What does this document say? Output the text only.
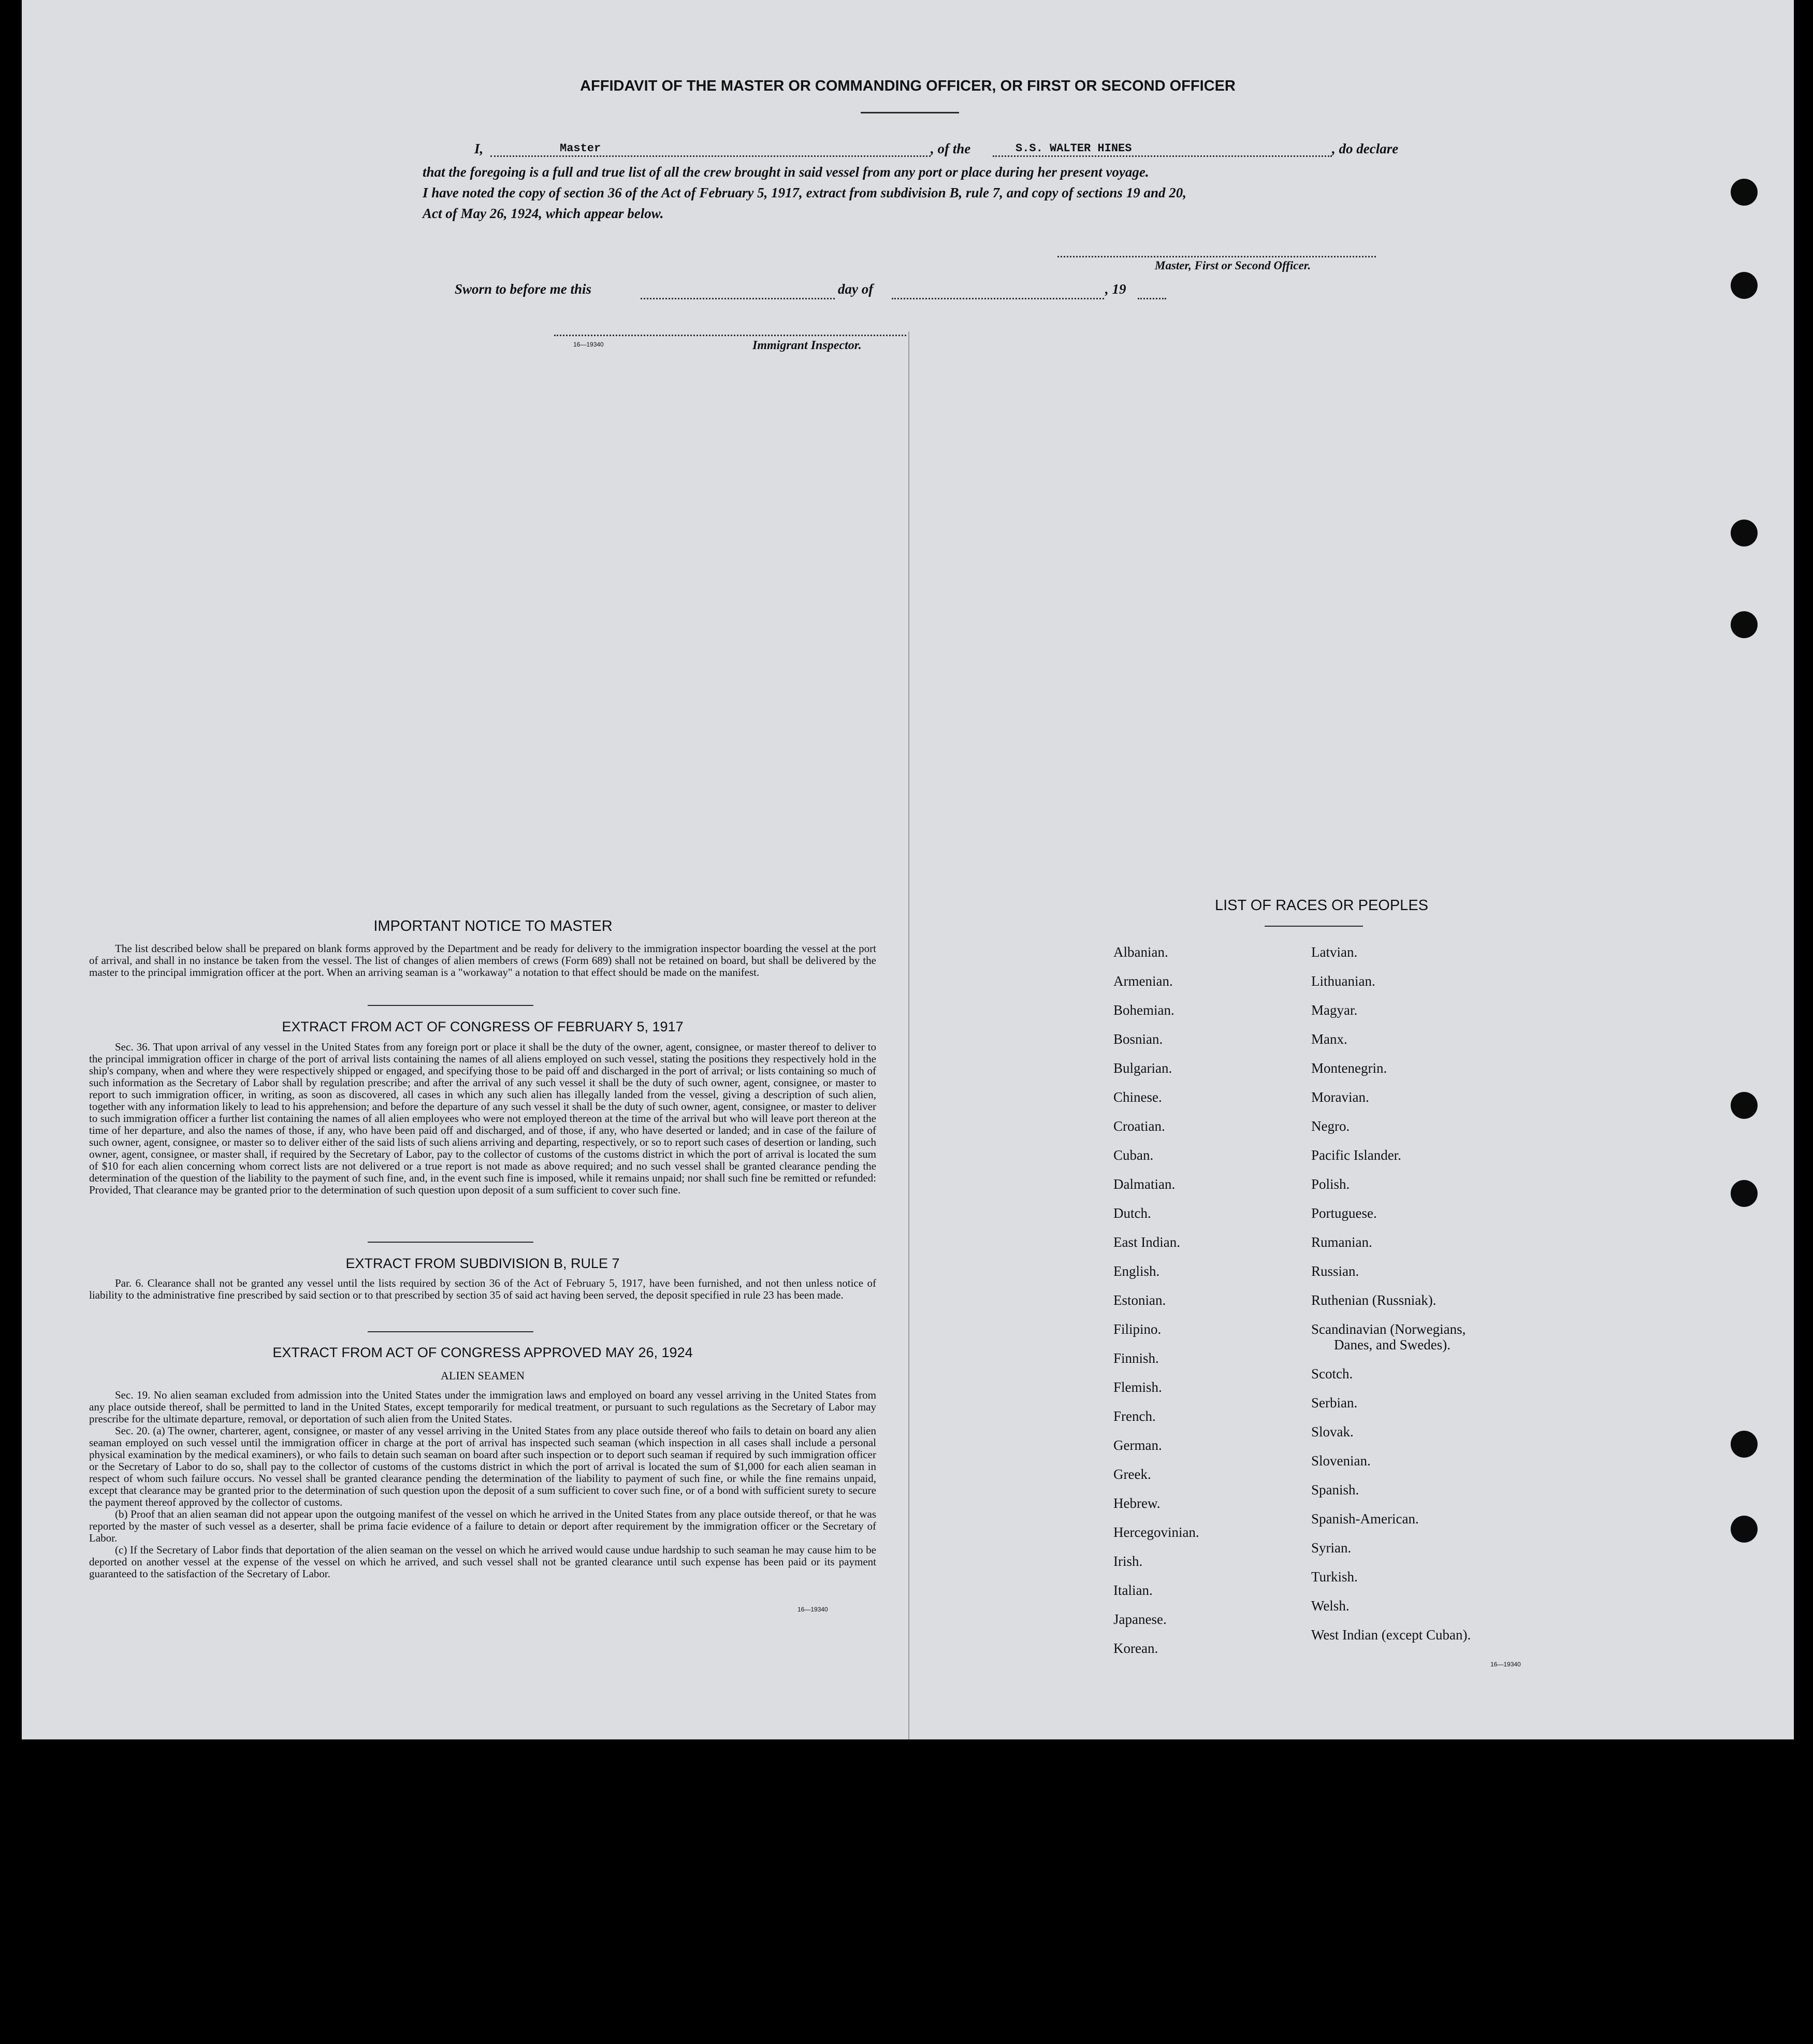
AFFIDAVIT OF THE MASTER OR COMMANDING OFFICER, OR FIRST OR SECOND OFFICER
I,	Master	, of the	S.S. WALTER HINES	, do declare
that the foregoing is a full and true list of all the crew brought in said vessel from any port or place during her present voyage.
I have noted the copy of section 36 of the Act of February 5, 1917, extract from subdivision B, rule 7, and copy of sections 19 and 20,
Act of May 26, 1924, which appear below.
Master, First or Second Officer.
Sworn to before me this	day of	, 19
16—19340	Immigrant Inspector.
IMPORTANT NOTICE TO MASTER
The list described below shall be prepared on blank forms approved by the Department and be ready for delivery to the immigration inspector boarding the vessel at the port of arrival, and shall in no instance be taken from the vessel. The list of changes of alien members of crews (Form 689) shall not be retained on board, but shall be delivered by the master to the principal immigration officer at the port. When an arriving seaman is a "workaway" a notation to that effect should be made on the manifest.
EXTRACT FROM ACT OF CONGRESS OF FEBRUARY 5, 1917
Sec. 36. That upon arrival of any vessel in the United States from any foreign port or place it shall be the duty of the owner, agent, consignee, or master thereof to deliver to the principal immigration officer in charge of the port of arrival lists containing the names of all aliens employed on such vessel, stating the positions they respectively hold in the ship's company, when and where they were respectively shipped or engaged, and specifying those to be paid off and discharged in the port of arrival; or lists containing so much of such information as the Secretary of Labor shall by regulation prescribe; and after the arrival of any such vessel it shall be the duty of such owner, agent, consignee, or master to report to such immigration officer, in writing, as soon as discovered, all cases in which any such alien has illegally landed from the vessel, giving a description of such alien, together with any information likely to lead to his apprehension; and before the departure of any such vessel it shall be the duty of such owner, agent, consignee, or master to deliver to such immigration officer a further list containing the names of all alien employees who were not employed thereon at the time of the arrival but who will leave port thereon at the time of her departure, and also the names of those, if any, who have been paid off and discharged, and of those, if any, who have deserted or landed; and in case of the failure of such owner, agent, consignee, or master so to deliver either of the said lists of such aliens arriving and departing, respectively, or so to report such cases of desertion or landing, such owner, agent, consignee, or master shall, if required by the Secretary of Labor, pay to the collector of customs of the customs district in which the port of arrival is located the sum of $10 for each alien concerning whom correct lists are not delivered or a true report is not made as above required; and no such vessel shall be granted clearance pending the determination of the question of the liability to the payment of such fine, and, in the event such fine is imposed, while it remains unpaid; nor shall such fine be remitted or refunded: Provided, That clearance may be granted prior to the determination of such question upon deposit of a sum sufficient to cover such fine.
EXTRACT FROM SUBDIVISION B, RULE 7
Par. 6. Clearance shall not be granted any vessel until the lists required by section 36 of the Act of February 5, 1917, have been furnished, and not then unless notice of liability to the administrative fine prescribed by said section or to that prescribed by section 35 of said act having been served, the deposit specified in rule 23 has been made.
EXTRACT FROM ACT OF CONGRESS APPROVED MAY 26, 1924
ALIEN SEAMEN
Sec. 19. No alien seaman excluded from admission into the United States under the immigration laws and employed on board any vessel arriving in the United States from any place outside thereof, shall be permitted to land in the United States, except temporarily for medical treatment, or pursuant to such regulations as the Secretary of Labor may prescribe for the ultimate departure, removal, or deportation of such alien from the United States.
Sec. 20. (a) The owner, charterer, agent, consignee, or master of any vessel arriving in the United States from any place outside thereof who fails to detain on board any alien seaman employed on such vessel until the immigration officer in charge at the port of arrival has inspected such seaman (which inspection in all cases shall include a personal physical examination by the medical examiners), or who fails to detain such seaman on board after such inspection or to deport such seaman if required by such immigration officer or the Secretary of Labor to do so, shall pay to the collector of customs of the customs district in which the port of arrival is located the sum of $1,000 for each alien seaman in respect of whom such failure occurs. No vessel shall be granted clearance pending the determination of the liability to payment of such fine, or while the fine remains unpaid, except that clearance may be granted prior to the determination of such question upon the deposit of a sum sufficient to cover such fine, or of a bond with sufficient surety to secure the payment thereof approved by the collector of customs.
(b) Proof that an alien seaman did not appear upon the outgoing manifest of the vessel on which he arrived in the United States from any place outside thereof, or that he was reported by the master of such vessel as a deserter, shall be prima facie evidence of a failure to detain or deport after requirement by the immigration officer or the Secretary of Labor.
(c) If the Secretary of Labor finds that deportation of the alien seaman on the vessel on which he arrived would cause undue hardship to such seaman he may cause him to be deported on another vessel at the expense of the vessel on which he arrived, and such vessel shall not be granted clearance until such expense has been paid or its payment guaranteed to the satisfaction of the Secretary of Labor.
16—19340
LIST OF RACES OR PEOPLES
Albanian.
Armenian.
Bohemian.
Bosnian.
Bulgarian.
Chinese.
Croatian.
Cuban.
Dalmatian.
Dutch.
East Indian.
English.
Estonian.
Filipino.
Finnish.
Flemish.
French.
German.
Greek.
Hebrew.
Hercegovinian.
Irish.
Italian.
Japanese.
Korean.
Latvian.
Lithuanian.
Magyar.
Manx.
Montenegrin.
Moravian.
Negro.
Pacific Islander.
Polish.
Portuguese.
Rumanian.
Russian.
Ruthenian (Russniak).
Scandinavian (Norwegians,
Danes, and Swedes).
Scotch.
Serbian.
Slovak.
Slovenian.
Spanish.
Spanish-American.
Syrian.
Turkish.
Welsh.
West Indian (except Cuban).
16—19340
